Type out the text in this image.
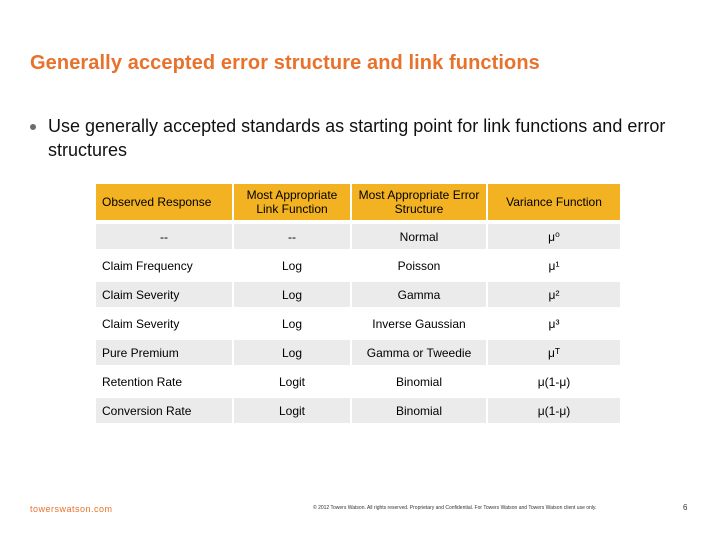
Generally accepted error structure and link functions
Use generally accepted standards as starting point for link functions and error structures
Observed Response	Most Appropriate Link Function	Most Appropriate Error Structure	Variance Function
--	--	Normal	μ⁰
Claim Frequency	Log	Poisson	μ¹
Claim Severity	Log	Gamma	μ²
Claim Severity	Log	Inverse Gaussian	μ³
Pure Premium	Log	Gamma or Tweedie	μᵀ
Retention Rate	Logit	Binomial	μ(1-μ)
Conversion Rate	Logit	Binomial	μ(1-μ)
towerswatson.com	© 2012 Towers Watson. All rights reserved. Proprietary and Confidential. For Towers Watson and Towers Watson client use only.	6
